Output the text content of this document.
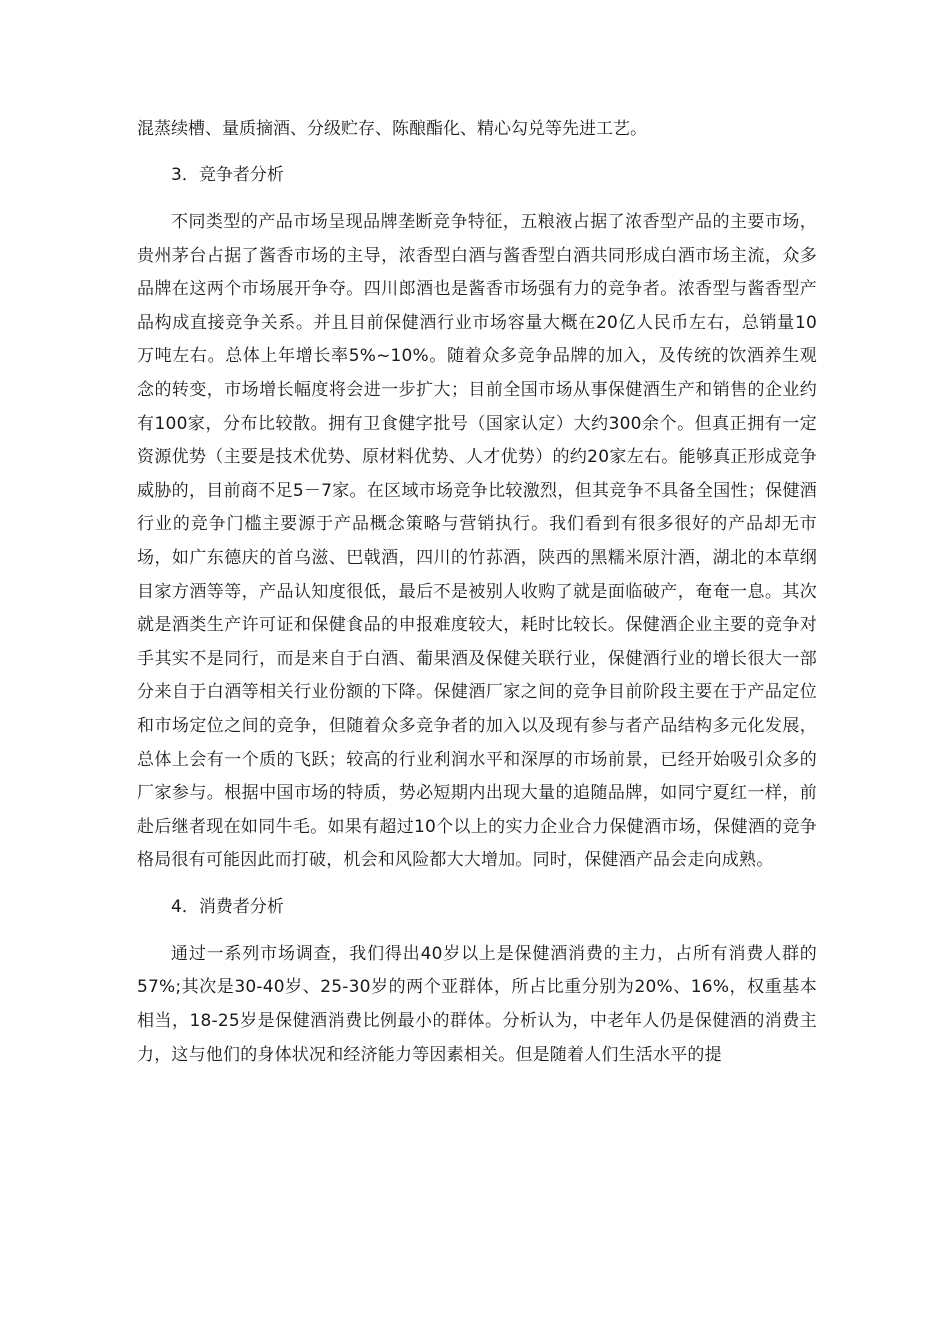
混蒸续槽、量质摘酒、分级贮存、陈酿酯化、精心勾兑等先进工艺。

3．竞争者分析

不同类型的产品市场呈现品牌垄断竞争特征，五粮液占据了浓香型产品的主要市场，贵州茅台占据了酱香市场的主导，浓香型白酒与酱香型白酒共同形成白酒市场主流，众多品牌在这两个市场展开争夺。四川郎酒也是酱香市场强有力的竞争者。浓香型与酱香型产品构成直接竞争关系。并且目前保健酒行业市场容量大概在20亿人民币左右，总销量10万吨左右。总体上年增长率5%~10%。随着众多竞争品牌的加入，及传统的饮酒养生观念的转变，市场增长幅度将会进一步扩大；目前全国市场从事保健酒生产和销售的企业约有100家，分布比较散。拥有卫食健字批号（国家认定）大约300余个。但真正拥有一定资源优势（主要是技术优势、原材料优势、人才优势）的约20家左右。能够真正形成竞争威胁的，目前商不足5－7家。在区域市场竞争比较激烈，但其竞争不具备全国性；保健酒行业的竞争门槛主要源于产品概念策略与营销执行。我们看到有很多很好的产品却无市场，如广东德庆的首乌滋、巴戟酒，四川的竹荪酒，陕西的黑糯米原汁酒，湖北的本草纲目家方酒等等，产品认知度很低，最后不是被别人收购了就是面临破产，奄奄一息。其次就是酒类生产许可证和保健食品的申报难度较大，耗时比较长。保健酒企业主要的竞争对手其实不是同行，而是来自于白酒、葡果酒及保健关联行业，保健酒行业的增长很大一部分来自于白酒等相关行业份额的下降。保健酒厂家之间的竞争目前阶段主要在于产品定位和市场定位之间的竞争，但随着众多竞争者的加入以及现有参与者产品结构多元化发展，总体上会有一个质的飞跃；较高的行业利润水平和深厚的市场前景，已经开始吸引众多的厂家参与。根据中国市场的特质，势必短期内出现大量的追随品牌，如同宁夏红一样，前赴后继者现在如同牛毛。如果有超过10个以上的实力企业合力保健酒市场，保健酒的竞争格局很有可能因此而打破，机会和风险都大大增加。同时，保健酒产品会走向成熟。

4．消费者分析

通过一系列市场调查，我们得出40岁以上是保健酒消费的主力，占所有消费人群的57%;其次是30-40岁、25-30岁的两个亚群体，所占比重分别为20%、16%，权重基本相当，18-25岁是保健酒消费比例最小的群体。分析认为，中老年人仍是保健酒的消费主力，这与他们的身体状况和经济能力等因素相关。但是随着人们生活水平的提
